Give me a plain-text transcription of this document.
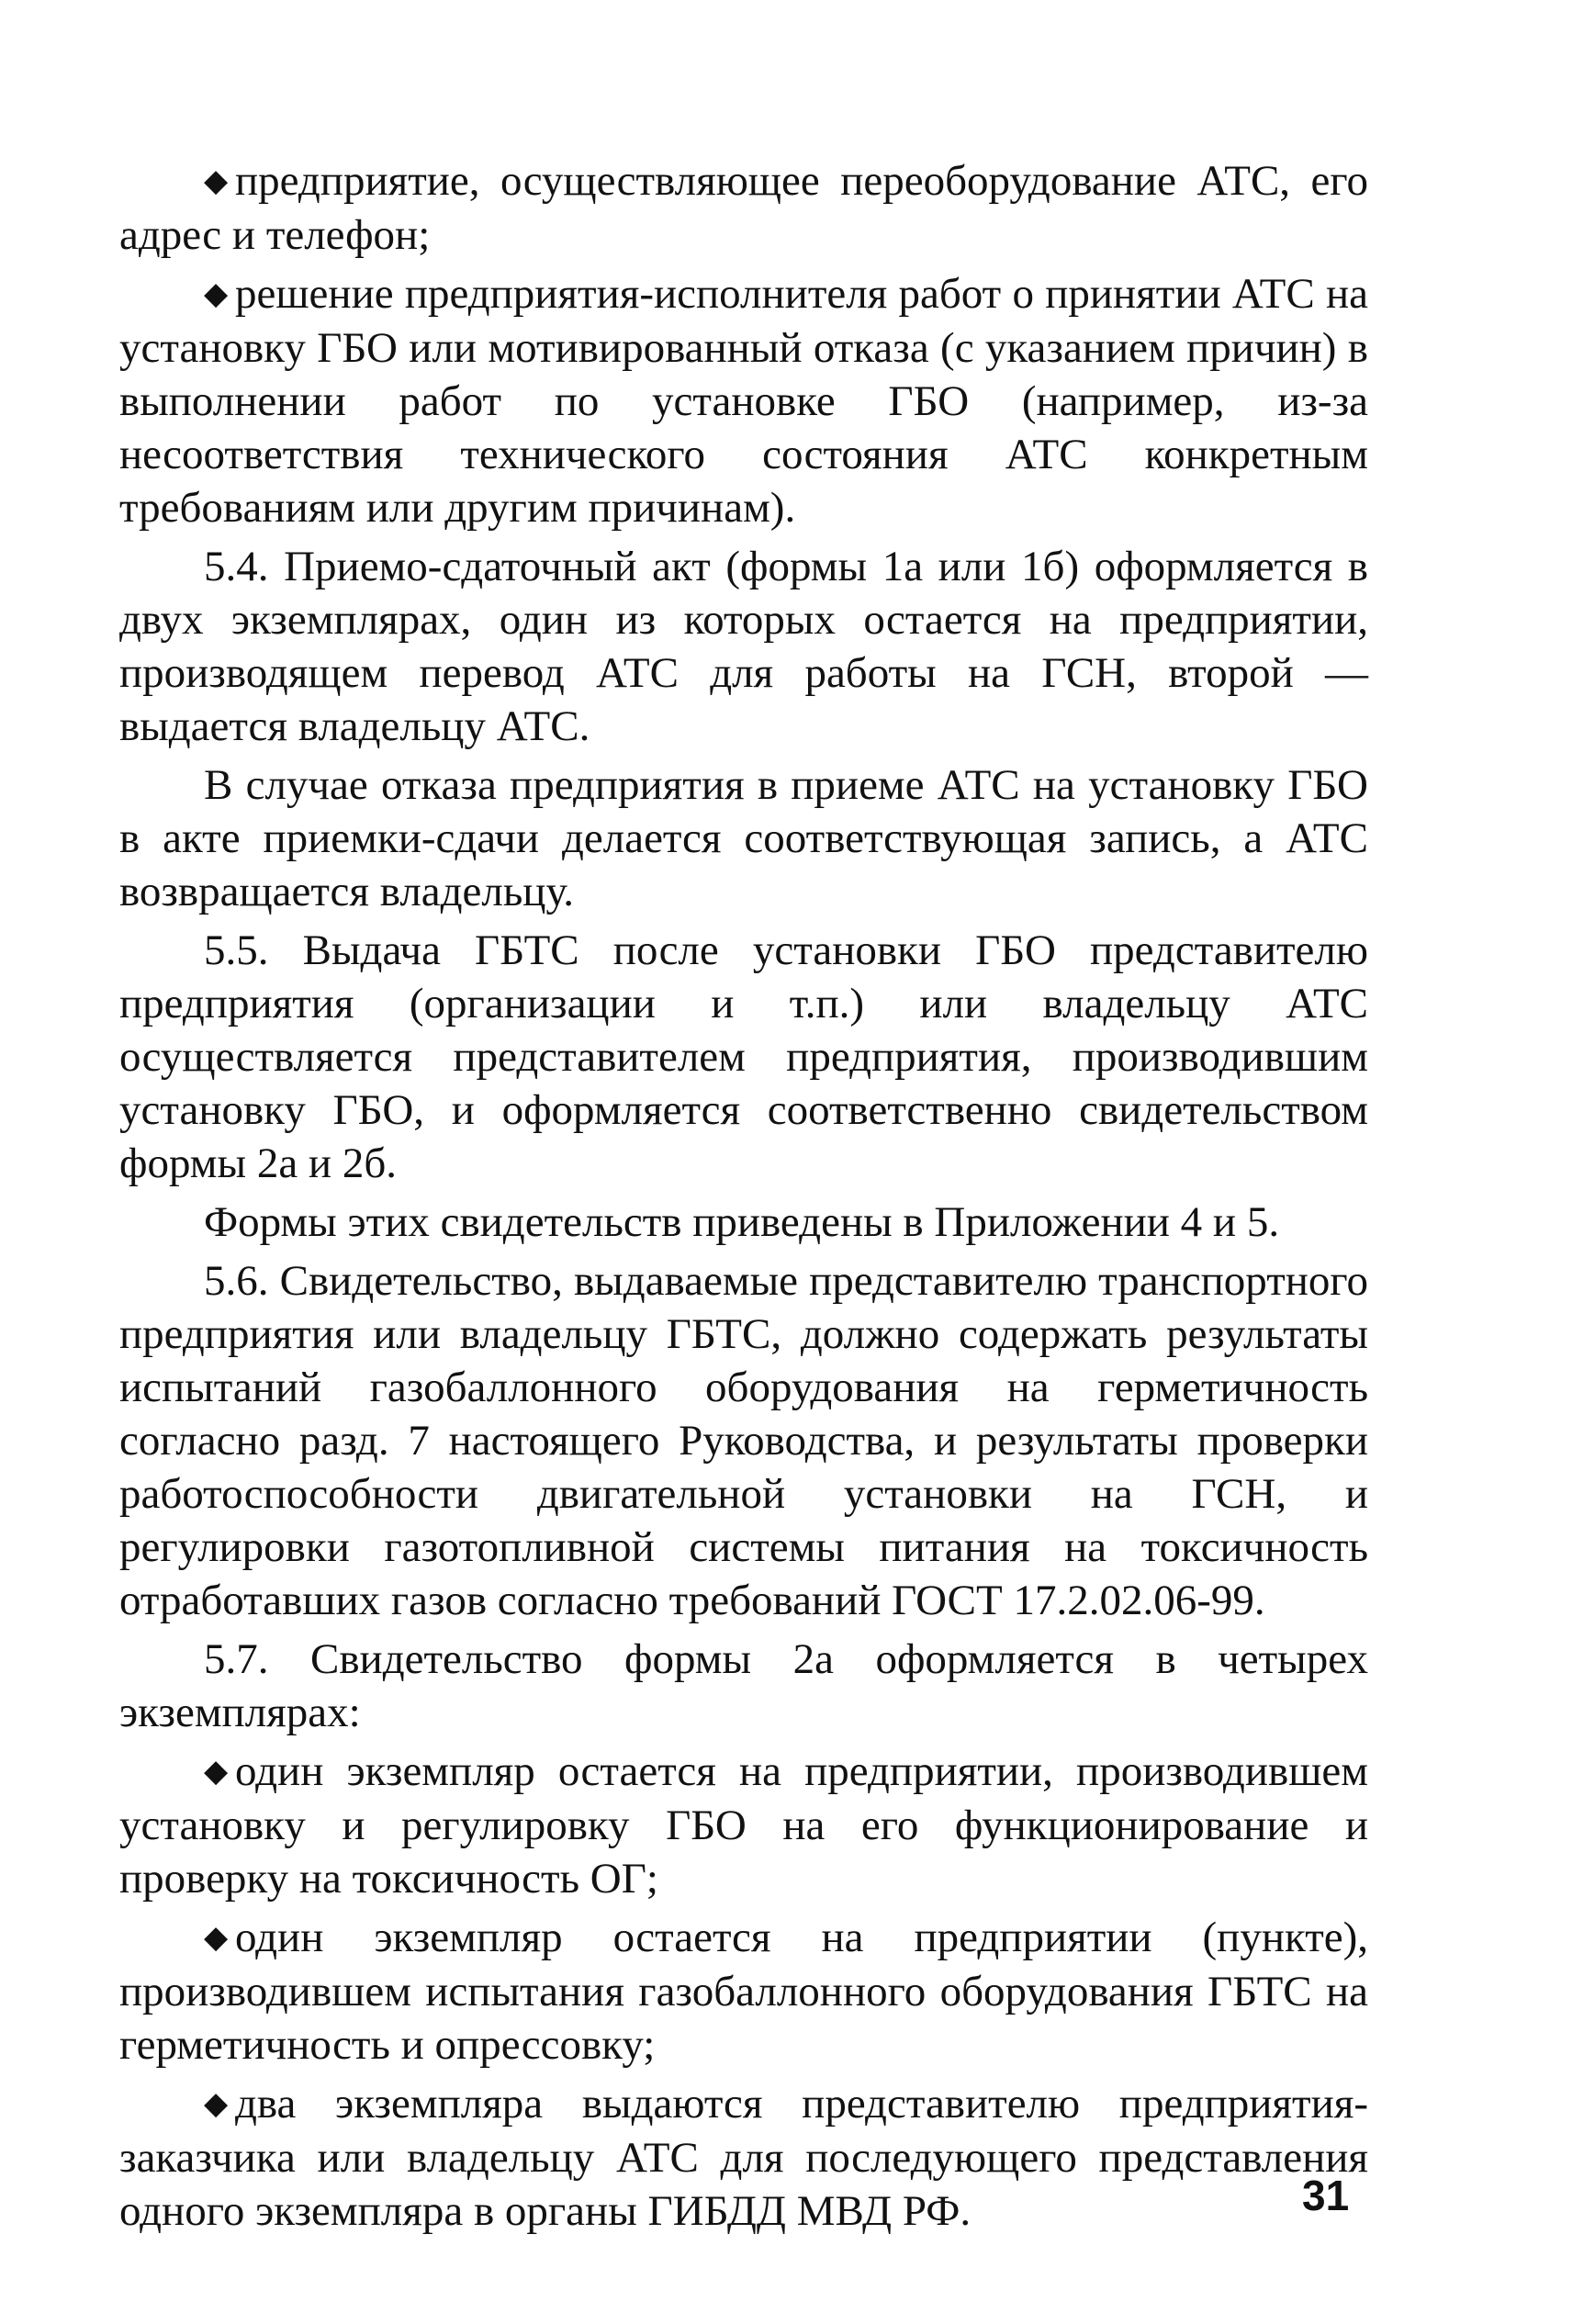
◆ предприятие, осуществляющее переоборудование АТС, его адрес и телефон;

◆ решение предприятия-исполнителя работ о принятии АТС на установку ГБО или мотивированный отказа (с указанием причин) в выполнении работ по установке ГБО (например, из-за несоответствия технического состояния АТС конкретным требованиям или другим причинам).

5.4. Приемо-сдаточный акт (формы 1а или 1б) оформляется в двух экземплярах, один из которых остается на предприятии, производящем перевод АТС для работы на ГСН, второй — выдается владельцу АТС.

В случае отказа предприятия в приеме АТС на установку ГБО в акте приемки-сдачи делается соответствующая запись, а АТС возвращается владельцу.

5.5. Выдача ГБТС после установки ГБО представителю предприятия (организации и т.п.) или владельцу АТС осуществляется представителем предприятия, производившим установку ГБО, и оформляется соответственно свидетельством формы 2а и 2б.

Формы этих свидетельств приведены в Приложении 4 и 5.

5.6. Свидетельство, выдаваемые представителю транспортного предприятия или владельцу ГБТС, должно содержать результаты испытаний газобаллонного оборудования на герметичность согласно разд. 7 настоящего Руководства, и результаты проверки работоспособности двигательной установки на ГСН, и регулировки газотопливной системы питания на токсичность отработавших газов согласно требований ГОСТ 17.2.02.06-99.

5.7. Свидетельство формы 2а оформляется в четырех экземплярах:

◆ один экземпляр остается на предприятии, производившем установку и регулировку ГБО на его функционирование и проверку на токсичность ОГ;

◆ один экземпляр остается на предприятии (пункте), производившем испытания газобаллонного оборудования ГБТС на герметичность и опрессовку;

◆ два экземпляра выдаются представителю предприятия-заказчика или владельцу АТС для последующего представления одного экземпляра в органы ГИБДД МВД РФ.	31
